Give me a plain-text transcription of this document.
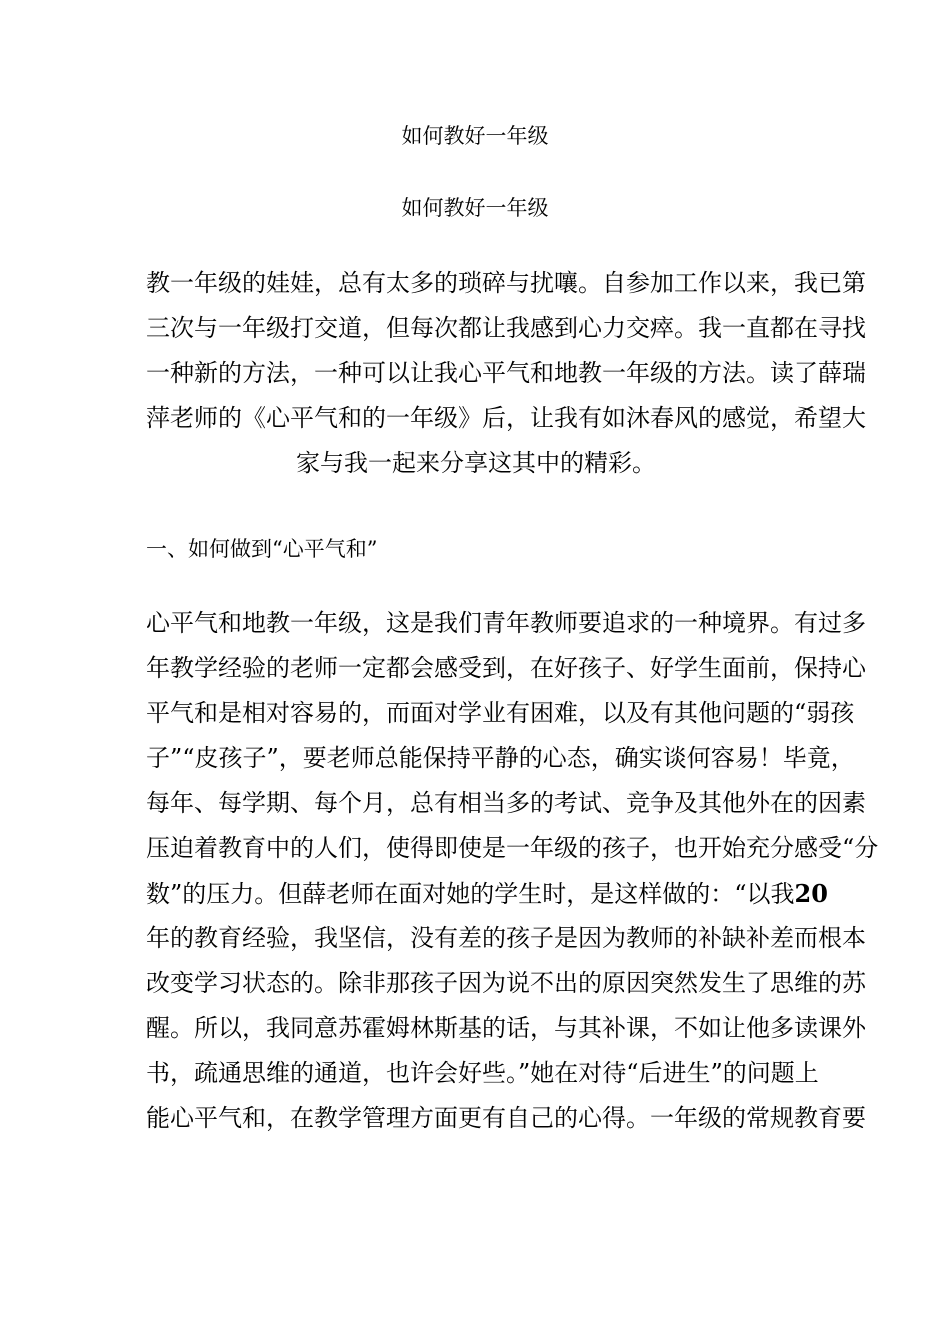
如何教好一年级
如何教好一年级
教一年级的娃娃，总有太多的琐碎与扰嚷。自参加工作以来，我已第
三次与一年级打交道，但每次都让我感到心力交瘁。我一直都在寻找
一种新的方法，一种可以让我心平气和地教一年级的方法。读了薛瑞
萍老师的《心平气和的一年级》后，让我有如沐春风的感觉，希望大
家与我一起来分享这其中的精彩。
一、如何做到“心平气和”
心平气和地教一年级，这是我们青年教师要追求的一种境界。有过多
年教学经验的老师一定都会感受到，在好孩子、好学生面前，保持心
平气和是相对容易的，而面对学业有困难，以及有其他问题的“弱孩
子”“皮孩子”，要老师总能保持平静的心态，确实谈何容易！毕竟，
每年、每学期、每个月，总有相当多的考试、竞争及其他外在的因素
压迫着教育中的人们，使得即使是一年级的孩子，也开始充分感受“分
数”的压力。但薛老师在面对她的学生时，是这样做的：“以我20
年的教育经验，我坚信，没有差的孩子是因为教师的补缺补差而根本
改变学习状态的。除非那孩子因为说不出的原因突然发生了思维的苏
醒。所以，我同意苏霍姆林斯基的话，与其补课，不如让他多读课外
书，疏通思维的通道，也许会好些。”她在对待“后进生”的问题上
能心平气和，在教学管理方面更有自己的心得。一年级的常规教育要
